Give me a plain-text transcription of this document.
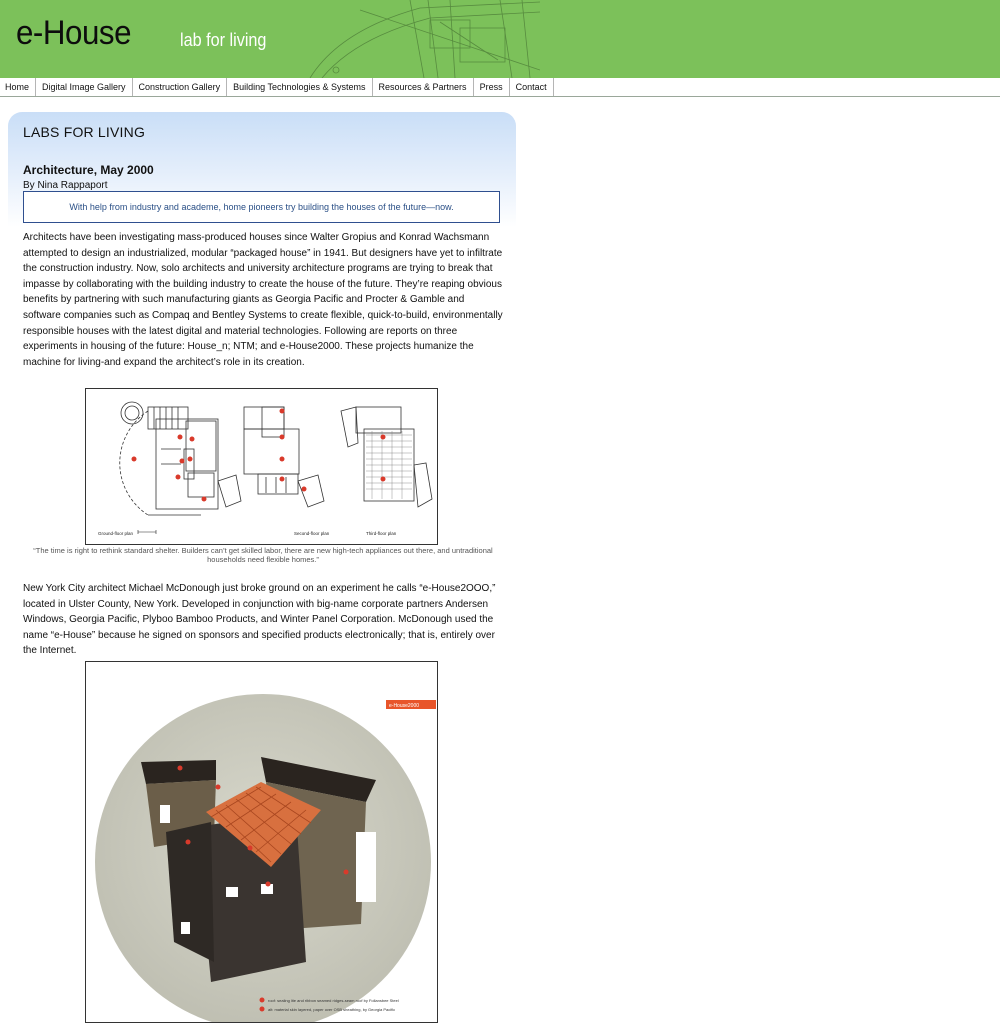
e-House	lab for living
Home	Digital Image Gallery	Construction Gallery	Building Technologies & Systems	Resources & Partners	Press	Contact
LABS FOR LIVING
Architecture, May 2000
By Nina Rappaport
With help from industry and academe, home pioneers try building the houses of the future—now.

Architects have been investigating mass-produced houses since Walter Gropius and Konrad Wachsmann attempted to design an industrialized, modular “packaged house” in 1941. But designers have yet to infiltrate the construction industry. Now, solo architects and university architecture programs are trying to break that impasse by collaborating with the building industry to create the house of the future. They’re reaping obvious benefits by partnering with such manufacturing giants as Georgia Pacific and Procter & Gamble and software companies such as Compaq and Bentley Systems to create flexible, quick-to-build, environmentally responsible houses with the latest digital and material technologies. Following are reports on three experiments in housing of the future: House_n; NTM; and e-House2000. These projects humanize the machine for living-and expand the architect’s role in its creation.

Ground-floor plan	Second-floor plan	Third-floor plan
“The time is right to rethink standard shelter. Builders can’t get skilled labor, there are new high-tech appliances out there, and untraditional households need flexible homes.”

New York City architect Michael McDonough just broke ground on an experiment he calls “e-House2OOO,” located in Ulster County, New York. Developed in conjunction with big-name corporate partners Andersen Windows, Georgia Pacific, Plyboo Bamboo Products, and Winter Panel Corporation. McDonough used the name “e-House” because he signed on sponsors and specified products electronically; that is, entirely over the Internet.

e-House2000
roof: sealing lite and ribbon seamed ridges-seam roof by Follansbee Steel
alt: material skin layered, paper over OSB sheathing, by Georgia Pacific
